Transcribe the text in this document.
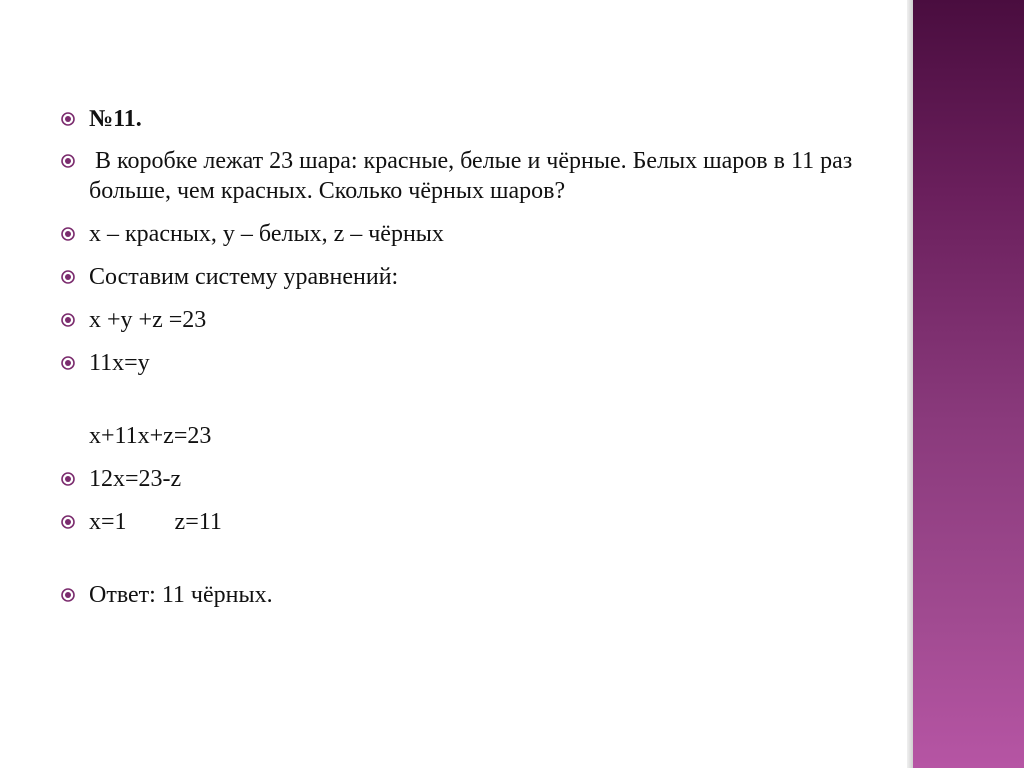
№11.
В коробке лежат 23 шара: красные, белые и чёрные. Белых шаров в 11 раз больше, чем красных. Сколько чёрных шаров?
x – красных, y – белых, z – чёрных
Составим систему уравнений:
x +y +z =23
11x=y
x+11x+z=23
12x=23-z
x=1 z=11
Ответ: 11 чёрных.
